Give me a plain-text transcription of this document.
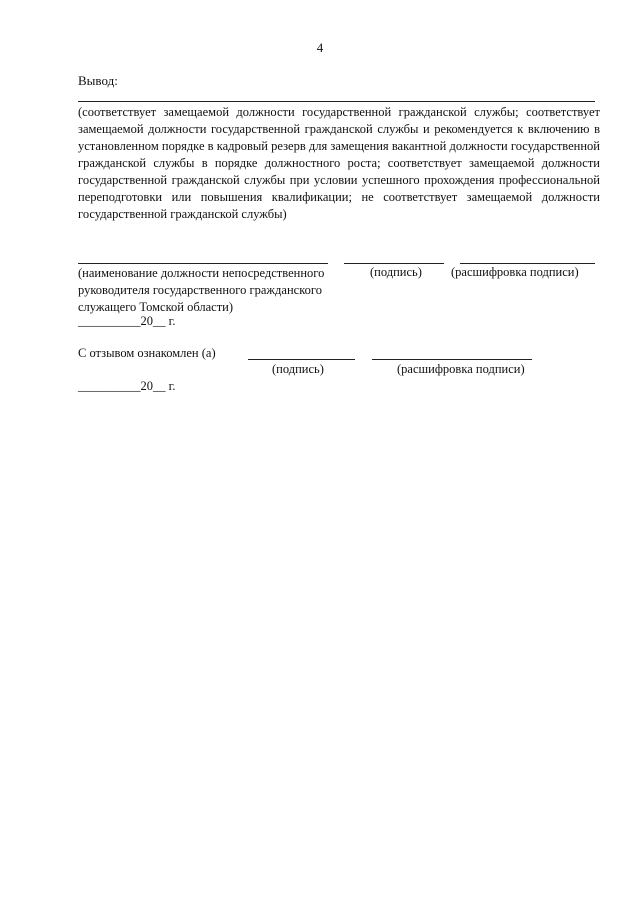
4
Вывод:
(соответствует замещаемой должности государственной гражданской службы; соответствует замещаемой должности государственной гражданской службы и рекомендуется к включению в установленном порядке в кадровый резерв для замещения вакантной должности государственной гражданской службы в порядке должностного роста; соответствует замещаемой должности государственной гражданской службы при условии успешного прохождения профессиональной переподготовки или повышения квалификации; не соответствует замещаемой должности государственной гражданской службы)
(наименование должности непосредственного руководителя государственного гражданского служащего Томской области)
(подпись) (расшифровка подписи)
__________20__ г.
С отзывом ознакомлен (а)
(подпись)	(расшифровка подписи)
__________20__ г.
